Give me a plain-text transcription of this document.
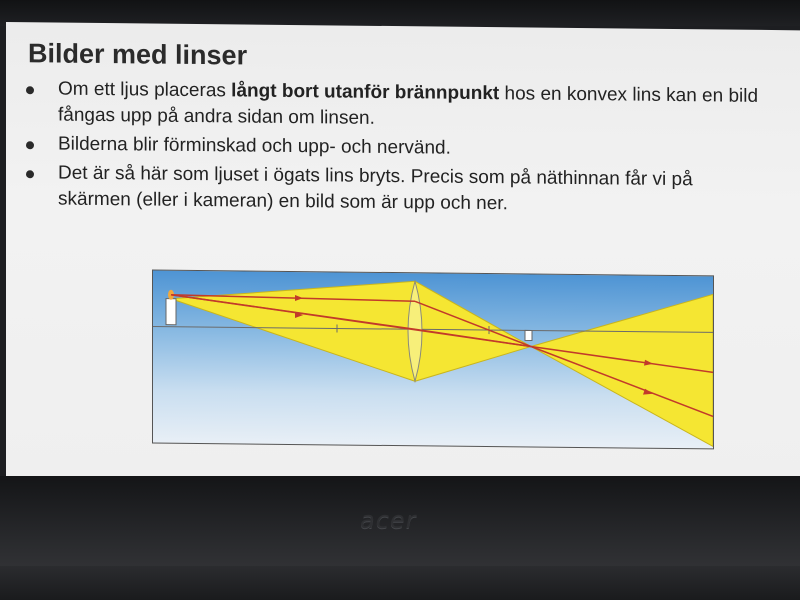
Bilder med linser
Om ett ljus placeras långt bort utanför brännpunkt hos en konvex lins kan en bild fångas upp på andra sidan om linsen.
Bilderna blir förminskad och upp- och nervänd.
Det är så här som ljuset i ögats lins bryts. Precis som på näthinnan får vi på skärmen (eller i kameran) en bild som är upp och ner.
acer
